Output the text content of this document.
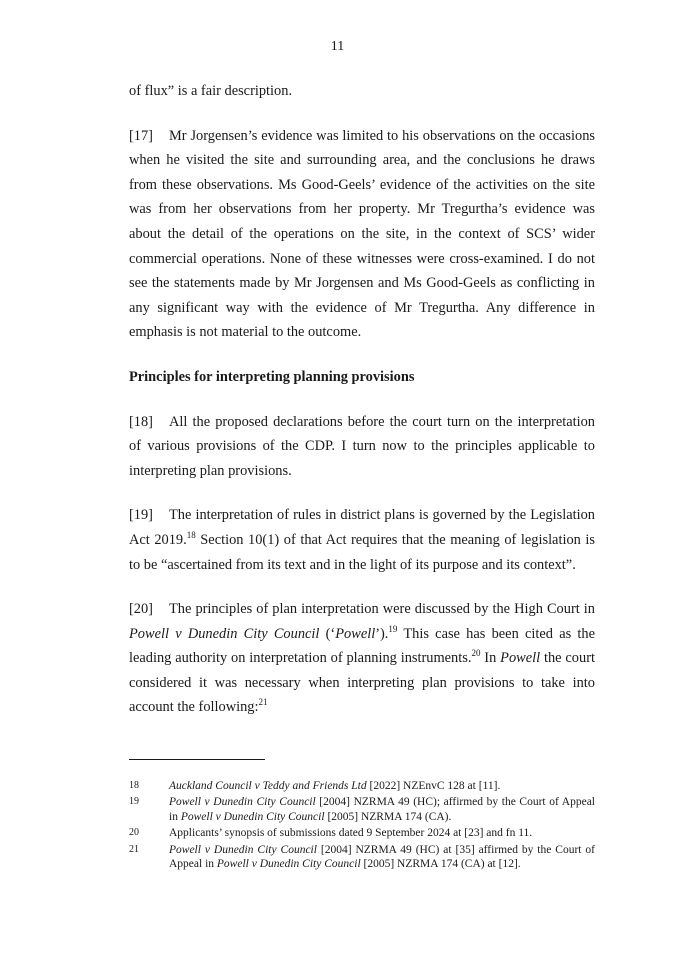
11

of flux” is a fair description.

[17] Mr Jorgensen’s evidence was limited to his observations on the occasions when he visited the site and surrounding area, and the conclusions he draws from these observations. Ms Good-Geels’ evidence of the activities on the site was from her observations from her property. Mr Tregurtha’s evidence was about the detail of the operations on the site, in the context of SCS’ wider commercial operations. None of these witnesses were cross-examined. I do not see the statements made by Mr Jorgensen and Ms Good-Geels as conflicting in any significant way with the evidence of Mr Tregurtha. Any difference in emphasis is not material to the outcome.

Principles for interpreting planning provisions

[18] All the proposed declarations before the court turn on the interpretation of various provisions of the CDP. I turn now to the principles applicable to interpreting plan provisions.

[19] The interpretation of rules in district plans is governed by the Legislation Act 2019.18 Section 10(1) of that Act requires that the meaning of legislation is to be “ascertained from its text and in the light of its purpose and its context”.

[20] The principles of plan interpretation were discussed by the High Court in Powell v Dunedin City Council (‘Powell’).$^{19}$ This case has been cited as the leading authority on interpretation of planning instruments.$^{20}$ In Powell the court considered it was necessary when interpreting plan provisions to take into account the following:$^{21}$

18	Auckland Council v Teddy and Friends Ltd [2022] NZEnvC 128 at [11].
19	Powell v Dunedin City Council [2004] NZRMA 49 (HC); affirmed by the Court of Appeal in Powell v Dunedin City Council [2005] NZRMA 174 (CA).
20	Applicants’ synopsis of submissions dated 9 September 2024 at [23] and fn 11.
21	Powell v Dunedin City Council [2004] NZRMA 49 (HC) at [35] affirmed by the Court of Appeal in Powell v Dunedin City Council [2005] NZRMA 174 (CA) at [12].
